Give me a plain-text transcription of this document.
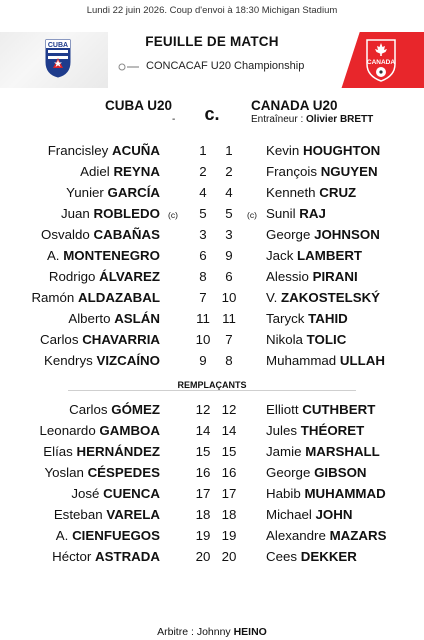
Lundi 22 juin 2026. Coup d'envoi à 18:30 Michigan Stadium
CUBA	FEUILLE DE MATCH
CONCACAF U20 Championship	CANADA
CUBA U20
-	c.	CANADA U20
Entraîneur : Olivier BRETT
Francisley ACUÑA	1	1	Kevin HOUGHTON
Adiel REYNA	2	2	François NGUYEN
Yunier GARCÍA	4	4	Kenneth CRUZ
Juan ROBLEDO (c)	5	5	(c) Sunil RAJ
Osvaldo CABAÑAS	3	3	George JOHNSON
A. MONTENEGRO	6	9	Jack LAMBERT
Rodrigo ÁLVAREZ	8	6	Alessio PIRANI
Ramón ALDAZABAL	7	10	V. ZAKOSTELSKÝ
Alberto ASLÁN	11 11	Taryck TAHID
Carlos CHAVARRIA	10	7	Nikola TOLIC
Kendrys VIZCAÍNO	9	8	Muhammad ULLAH
REMPLAÇANTS
Carlos GÓMEZ	12 12	Elliott CUTHBERT
Leonardo GAMBOA	14 14	Jules THÉORET
Elías HERNÁNDEZ	15 15	Jamie MARSHALL
Yoslan CÉSPEDES	16 16	George GIBSON
José CUENCA	17 17	Habib MUHAMMAD
Esteban VARELA	18 18	Michael JOHN
A. CIENFUEGOS	19 19	Alexandre MAZARS
Héctor ASTRADA	20 20	Cees DEKKER
Arbitre : Johnny HEINO
